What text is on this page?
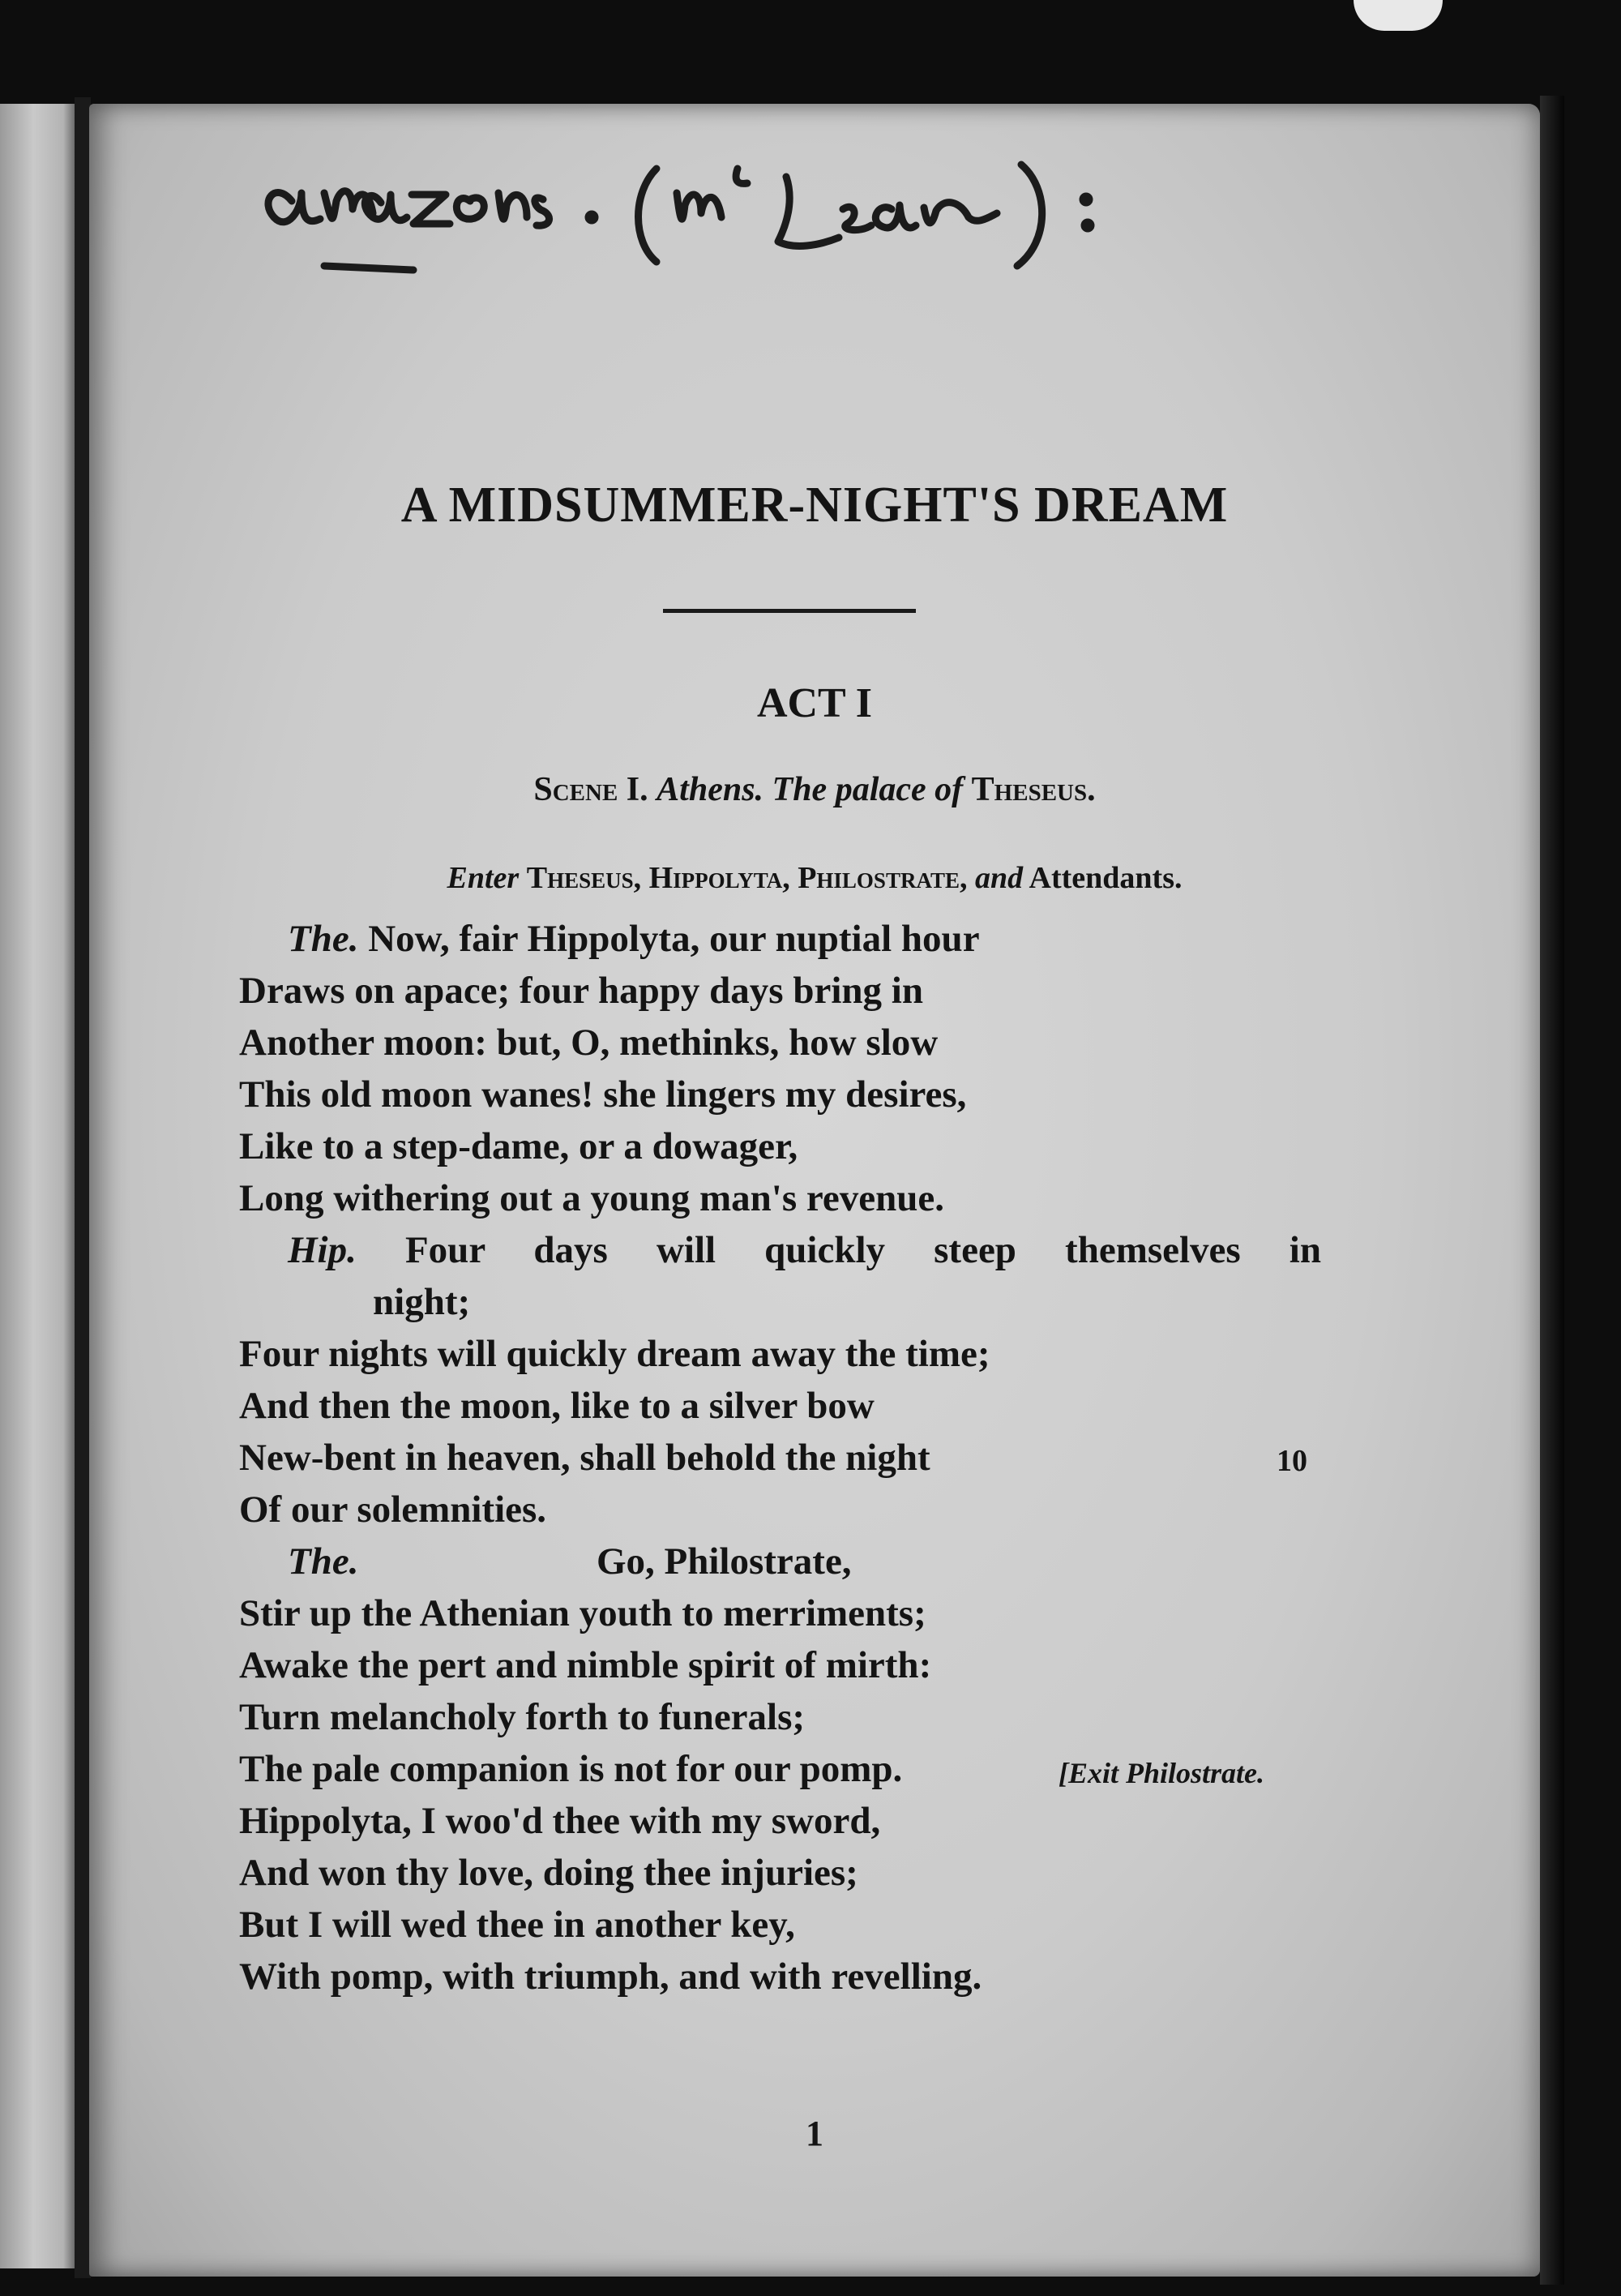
A MIDSUMMER-NIGHT'S DREAM
ACT I
Scene I. Athens. The palace of Theseus.
Enter Theseus, Hippolyta, Philostrate, and Attendants.
The. Now, fair Hippolyta, our nuptial hour
Draws on apace; four happy days bring in
Another moon: but, O, methinks, how slow
This old moon wanes! she lingers my desires,
Like to a step-dame, or a dowager,
Long withering out a young man's revenue.
Hip. Four days will quickly steep themselves in
night;
Four nights will quickly dream away the time;
And then the moon, like to a silver bow
New-bent in heaven, shall behold the night	10
Of our solemnities.
The.	Go, Philostrate,
Stir up the Athenian youth to merriments;
Awake the pert and nimble spirit of mirth:
Turn melancholy forth to funerals;
The pale companion is not for our pomp.	[Exit Philostrate.
Hippolyta, I woo'd thee with my sword,
And won thy love, doing thee injuries;
But I will wed thee in another key,
With pomp, with triumph, and with revelling.
1
